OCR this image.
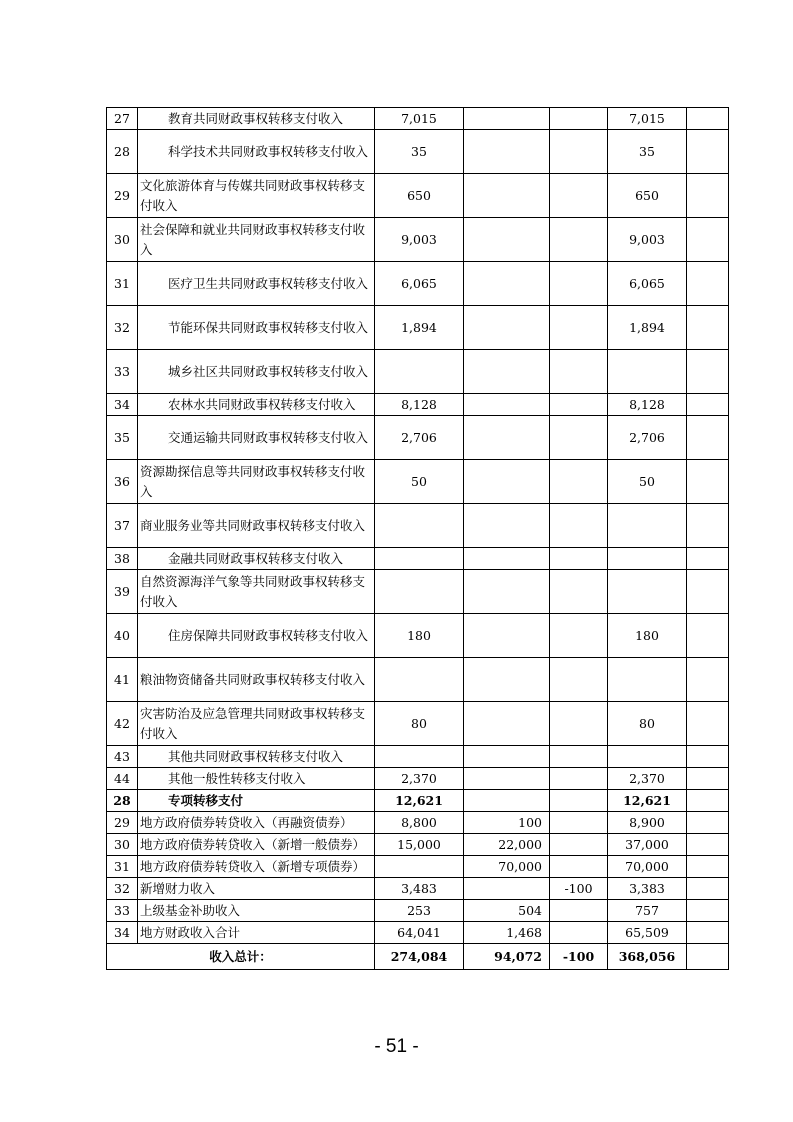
27	教育共同财政事权转移支付收入	7,015			7,015	
28	科学技术共同财政事权转移支付收入	35			35	
29	文化旅游体育与传媒共同财政事权转移支付收入	650			650	
30	社会保障和就业共同财政事权转移支付收入	9,003			9,003	
31	医疗卫生共同财政事权转移支付收入	6,065			6,065	
32	节能环保共同财政事权转移支付收入	1,894			1,894	
33	城乡社区共同财政事权转移支付收入					
34	农林水共同财政事权转移支付收入	8,128			8,128	
35	交通运输共同财政事权转移支付收入	2,706			2,706	
36	资源勘探信息等共同财政事权转移支付收入	50			50	
37	商业服务业等共同财政事权转移支付收入					
38	金融共同财政事权转移支付收入					
39	自然资源海洋气象等共同财政事权转移支付收入					
40	住房保障共同财政事权转移支付收入	180			180	
41	粮油物资储备共同财政事权转移支付收入					
42	灾害防治及应急管理共同财政事权转移支付收入	80			80	
43	其他共同财政事权转移支付收入					
44	其他一般性转移支付收入	2,370			2,370	
28	专项转移支付	12,621			12,621	
29	地方政府债券转贷收入（再融资债券）	8,800	100		8,900	
30	地方政府债券转贷收入（新增一般债券）	15,000	22,000		37,000	
31	地方政府债券转贷收入（新增专项债券）		70,000		70,000	
32	新增财力收入	3,483		-100	3,383	
33	上级基金补助收入	253	504		757	
34	地方财政收入合计	64,041	1,468		65,509	
收入总计：		274,084	94,072	-100	368,056	
- 51 -
